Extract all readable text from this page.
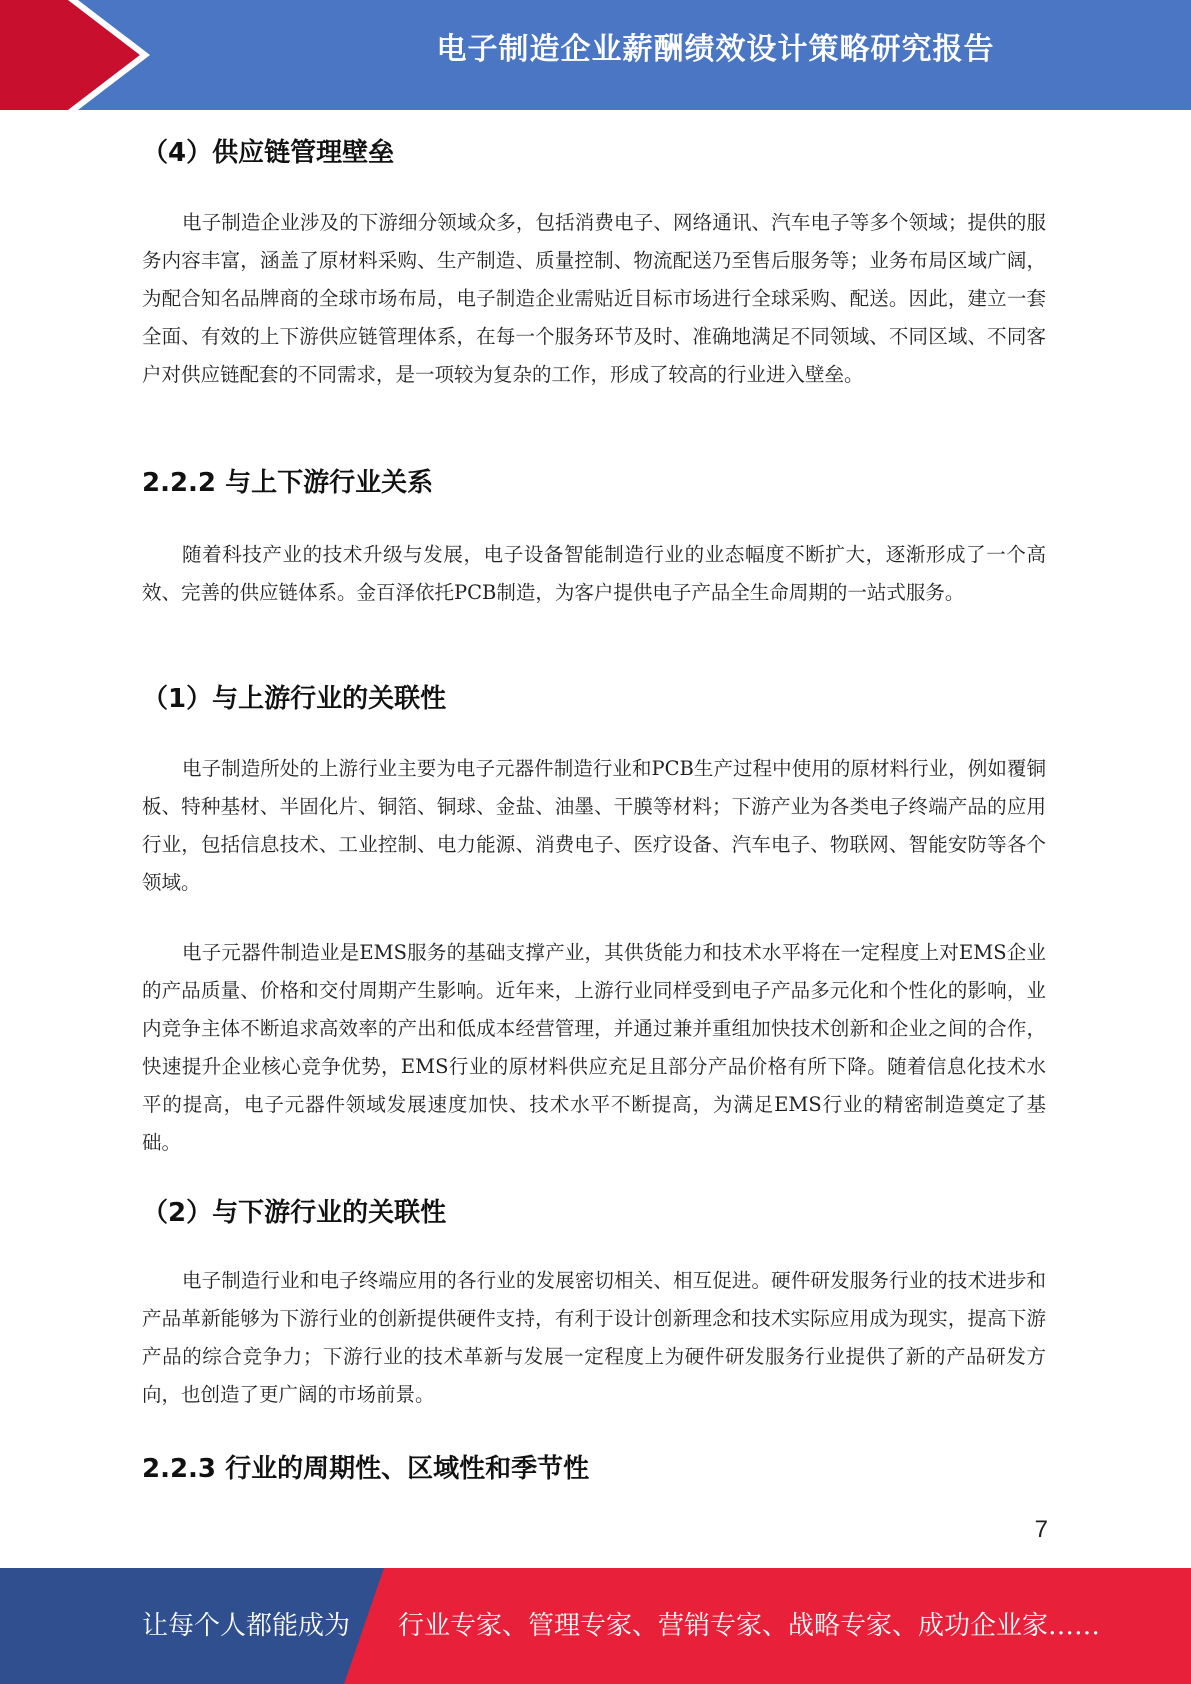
电子制造企业薪酬绩效设计策略研究报告
（4）供应链管理壁垒

电子制造企业涉及的下游细分领域众多，包括消费电子、网络通讯、汽车电子等多个领域；提供的服务内容丰富，涵盖了原材料采购、生产制造、质量控制、物流配送乃至售后服务等；业务布局区域广阔，为配合知名品牌商的全球市场布局，电子制造企业需贴近目标市场进行全球采购、配送。因此，建立一套全面、有效的上下游供应链管理体系，在每一个服务环节及时、准确地满足不同领域、不同区域、不同客户对供应链配套的不同需求，是一项较为复杂的工作，形成了较高的行业进入壁垒。

2.2.2 与上下游行业关系

随着科技产业的技术升级与发展，电子设备智能制造行业的业态幅度不断扩大，逐渐形成了一个高效、完善的供应链体系。金百泽依托PCB制造，为客户提供电子产品全生命周期的一站式服务。

（1）与上游行业的关联性

电子制造所处的上游行业主要为电子元器件制造行业和PCB生产过程中使用的原材料行业，例如覆铜板、特种基材、半固化片、铜箔、铜球、金盐、油墨、干膜等材料；下游产业为各类电子终端产品的应用行业，包括信息技术、工业控制、电力能源、消费电子、医疗设备、汽车电子、物联网、智能安防等各个领域。

电子元器件制造业是EMS服务的基础支撑产业，其供货能力和技术水平将在一定程度上对EMS企业的产品质量、价格和交付周期产生影响。近年来，上游行业同样受到电子产品多元化和个性化的影响，业内竞争主体不断追求高效率的产出和低成本经营管理，并通过兼并重组加快技术创新和企业之间的合作，快速提升企业核心竞争优势，EMS行业的原材料供应充足且部分产品价格有所下降。随着信息化技术水平的提高，电子元器件领域发展速度加快、技术水平不断提高，为满足EMS行业的精密制造奠定了基础。

（2）与下游行业的关联性

电子制造行业和电子终端应用的各行业的发展密切相关、相互促进。硬件研发服务行业的技术进步和产品革新能够为下游行业的创新提供硬件支持，有利于设计创新理念和技术实际应用成为现实，提高下游产品的综合竞争力；下游行业的技术革新与发展一定程度上为硬件研发服务行业提供了新的产品研发方向，也创造了更广阔的市场前景。

2.2.3 行业的周期性、区域性和季节性
7
让每个人都能成为 行业专家、管理专家、营销专家、战略专家、成功企业家……
